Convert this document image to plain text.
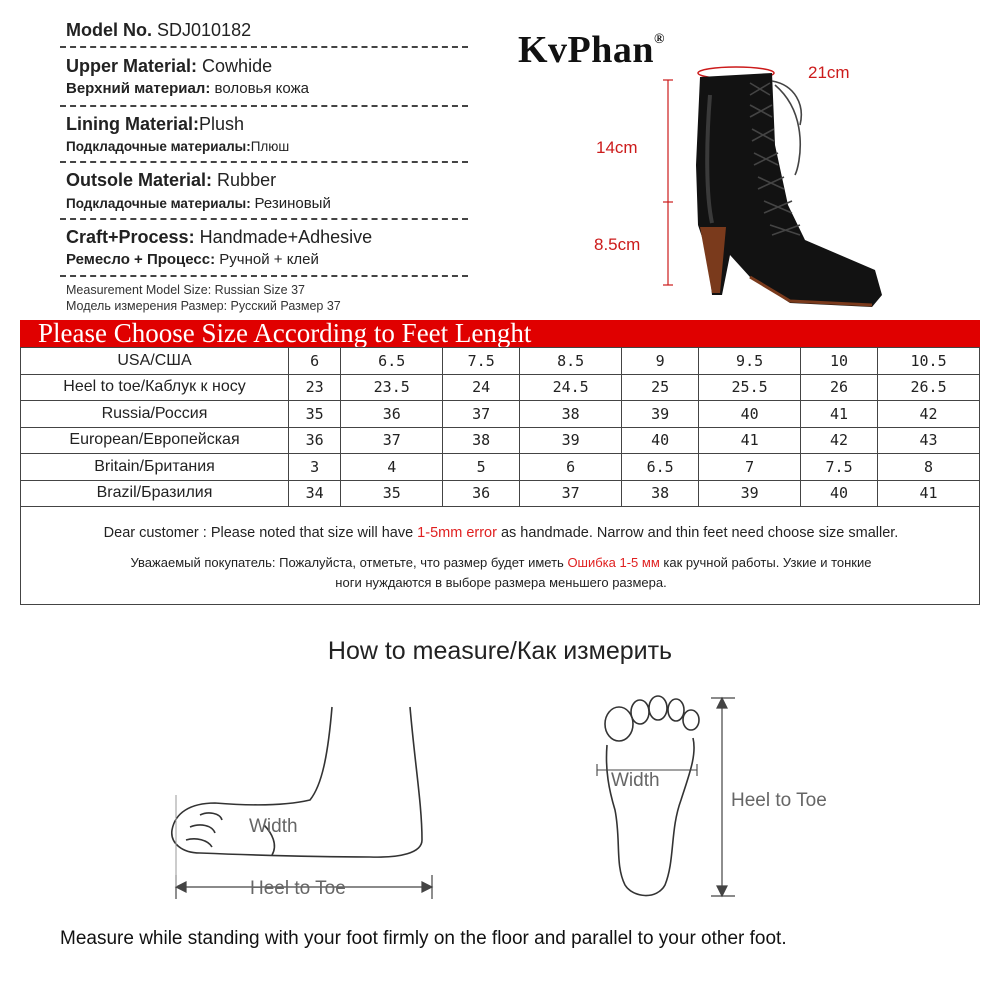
Model No. SDJ010182
Upper Material: Cowhide
Верхний материал: воловья кожа
Lining Material:Plush
Подкладочные материалы:Плюш
Outsole Material: Rubber
Подкладочные материалы: Резиновый
Craft+Process: Handmade+Adhesive
Ремесло + Процесс: Ручной + клей
Measurement Model Size: Russian Size 37
Модель измерения Размер: Русский Размер 37
KvPhan®
21cm
14cm
8.5cm
Please Choose Size According to Feet Lenght
USA/США	6	6.5	7.5	8.5	9	9.5	10	10.5
Heel to toe/Каблук к носу	23	23.5	24	24.5	25	25.5	26	26.5
Russia/Россия	35	36	37	38	39	40	41	42
European/Европейская	36	37	38	39	40	41	42	43
Britain/Британия	3	4	5	6	6.5	7	7.5	8
Brazil/Бразилия	34	35	36	37	38	39	40	41
Dear customer : Please noted that size will have 1-5mm error as handmade. Narrow and thin feet need choose size smaller.
Уважаемый покупатель: Пожалуйста, отметьте, что размер будет иметь Ошибка 1-5 мм как ручной работы. Узкие и тонкие
ноги нуждаются в выборе размера меньшего размера.
How to measure/Как измерить
Width
Heel to Toe
Width
Heel to Toe
Measure while standing with your foot firmly on the floor and parallel to your other foot.
